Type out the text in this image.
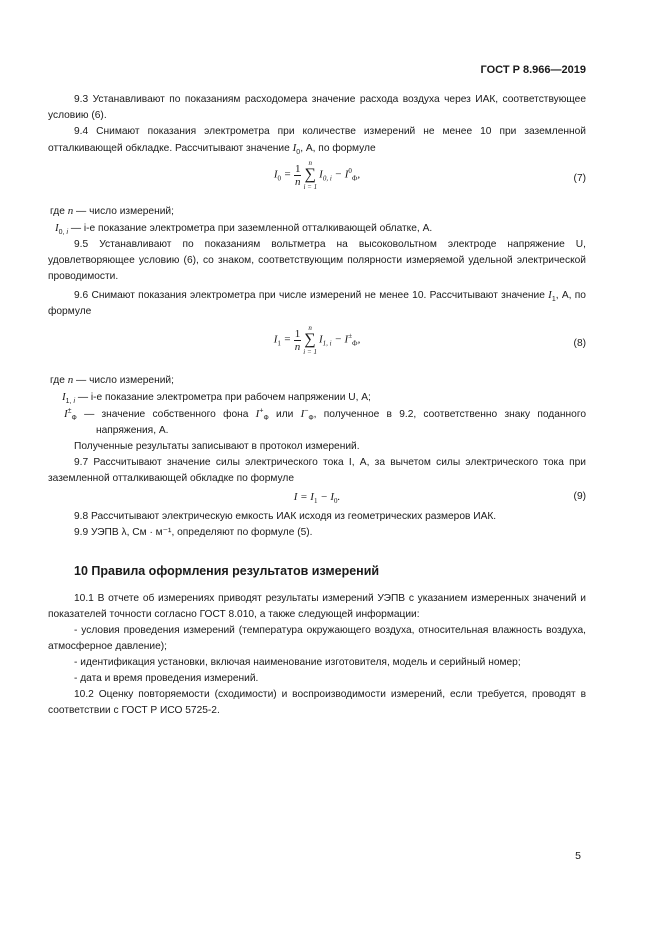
ГОСТ Р 8.966—2019

9.3 Устанавливают по показаниям расходомера значение расхода воздуха через ИАК, соответствующее условию (6).

9.4 Снимают показания электрометра при количестве измерений не менее 10 при заземленной отталкивающей обкладке. Рассчитывают значение $I_0$, А, по формуле

$I_0 = \frac{1}{n}$	n
∑
i = 1
$I_{0, i} - I^0_Ф$,	(7)

где n — число измерений;

$I_{0, i}$ — i-е показание электрометра при заземленной отталкивающей облатке, А.

9.5 Устанавливают по показаниям вольтметра на высоковольтном электроде напряжение U, удовлетворяющее условию (6), со знаком, соответствующим полярности измеряемой удельной электрической проводимости.

9.6 Снимают показания электрометра при числе измерений не менее 10. Рассчитывают значение $I_1$, А, по формуле

$I_1 = \frac{1}{n}$	n
∑
i = 1
$I_{1, i} - I^\pm_Ф$,	(8)

где n — число измерений;

$I_{1, i}$ — i-е показание электрометра при рабочем напряжении U, А;

$I^\pm_Ф$ — значение собственного фона $I^+_Ф$ или $I^-_Ф$, полученное в 9.2, соответственно знаку поданного напряжения, А.

Полученные результаты записывают в протокол измерений.

9.7 Рассчитывают значение силы электрического тока I, А, за вычетом силы электрического тока при заземленной отталкивающей обкладке по формуле

$I = I_1 - I_0$.	(9)

9.8 Рассчитывают электрическую емкость ИАК исходя из геометрических размеров ИАК.

9.9 УЭПВ λ, См · м⁻¹, определяют по формуле (5).

10 Правила оформления результатов измерений

10.1 В отчете об измерениях приводят результаты измерений УЭПВ с указанием измеренных значений и показателей точности согласно ГОСТ 8.010, а также следующей информации:

- условия проведения измерений (температура окружающего воздуха, относительная влажность воздуха, атмосферное давление);

- идентификация установки, включая наименование изготовителя, модель и серийный номер;

- дата и время проведения измерений.

10.2 Оценку повторяемости (сходимости) и воспроизводимости измерений, если требуется, проводят в соответствии с ГОСТ Р ИСО 5725-2.

5
